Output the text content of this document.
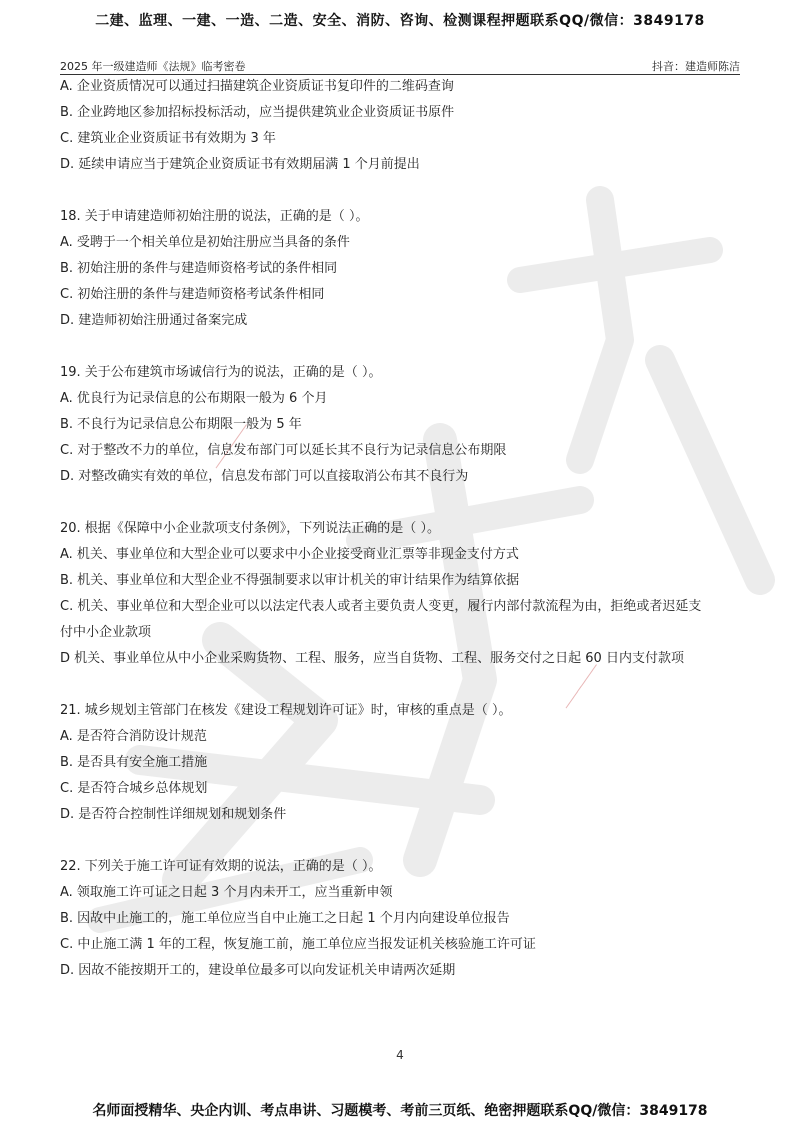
────────
────────
二建、监理、一建、一造、二造、安全、消防、咨询、检测课程押题联系QQ/微信：3849178
2025 年一级建造师《法规》临考密卷	抖音：建造师陈洁

A. 企业资质情况可以通过扫描建筑企业资质证书复印件的二维码查询

B. 企业跨地区参加招标投标活动，应当提供建筑业企业资质证书原件

C. 建筑业企业资质证书有效期为 3 年

D. 延续申请应当于建筑企业资质证书有效期届满 1 个月前提出

18. 关于申请建造师初始注册的说法，正确的是（ ）。

A. 受聘于一个相关单位是初始注册应当具备的条件

B. 初始注册的条件与建造师资格考试的条件相同

C. 初始注册的条件与建造师资格考试条件相同

D. 建造师初始注册通过备案完成

19. 关于公布建筑市场诚信行为的说法，正确的是（ ）。

A. 优良行为记录信息的公布期限一般为 6 个月

B. 不良行为记录信息公布期限一般为 5 年

C. 对于整改不力的单位，信息发布部门可以延长其不良行为记录信息公布期限

D. 对整改确实有效的单位，信息发布部门可以直接取消公布其不良行为

20. 根据《保障中小企业款项支付条例》，下列说法正确的是（ ）。

A. 机关、事业单位和大型企业可以要求中小企业接受商业汇票等非现金支付方式

B. 机关、事业单位和大型企业不得强制要求以审计机关的审计结果作为结算依据

C. 机关、事业单位和大型企业可以以法定代表人或者主要负责人变更，履行内部付款流程为由，拒绝或者迟延支

付中小企业款项

D 机关、事业单位从中小企业采购货物、工程、服务，应当自货物、工程、服务交付之日起 60 日内支付款项

21. 城乡规划主管部门在核发《建设工程规划许可证》时，审核的重点是（ ）。

A. 是否符合消防设计规范

B. 是否具有安全施工措施

C. 是否符合城乡总体规划

D. 是否符合控制性详细规划和规划条件

22. 下列关于施工许可证有效期的说法，正确的是（ ）。

A. 领取施工许可证之日起 3 个月内未开工，应当重新申领

B. 因故中止施工的，施工单位应当自中止施工之日起 1 个月内向建设单位报告

C. 中止施工满 1 年的工程，恢复施工前，施工单位应当报发证机关核验施工许可证

D. 因故不能按期开工的，建设单位最多可以向发证机关申请两次延期

4
名师面授精华、央企内训、考点串讲、习题模考、考前三页纸、绝密押题联系QQ/微信：3849178
